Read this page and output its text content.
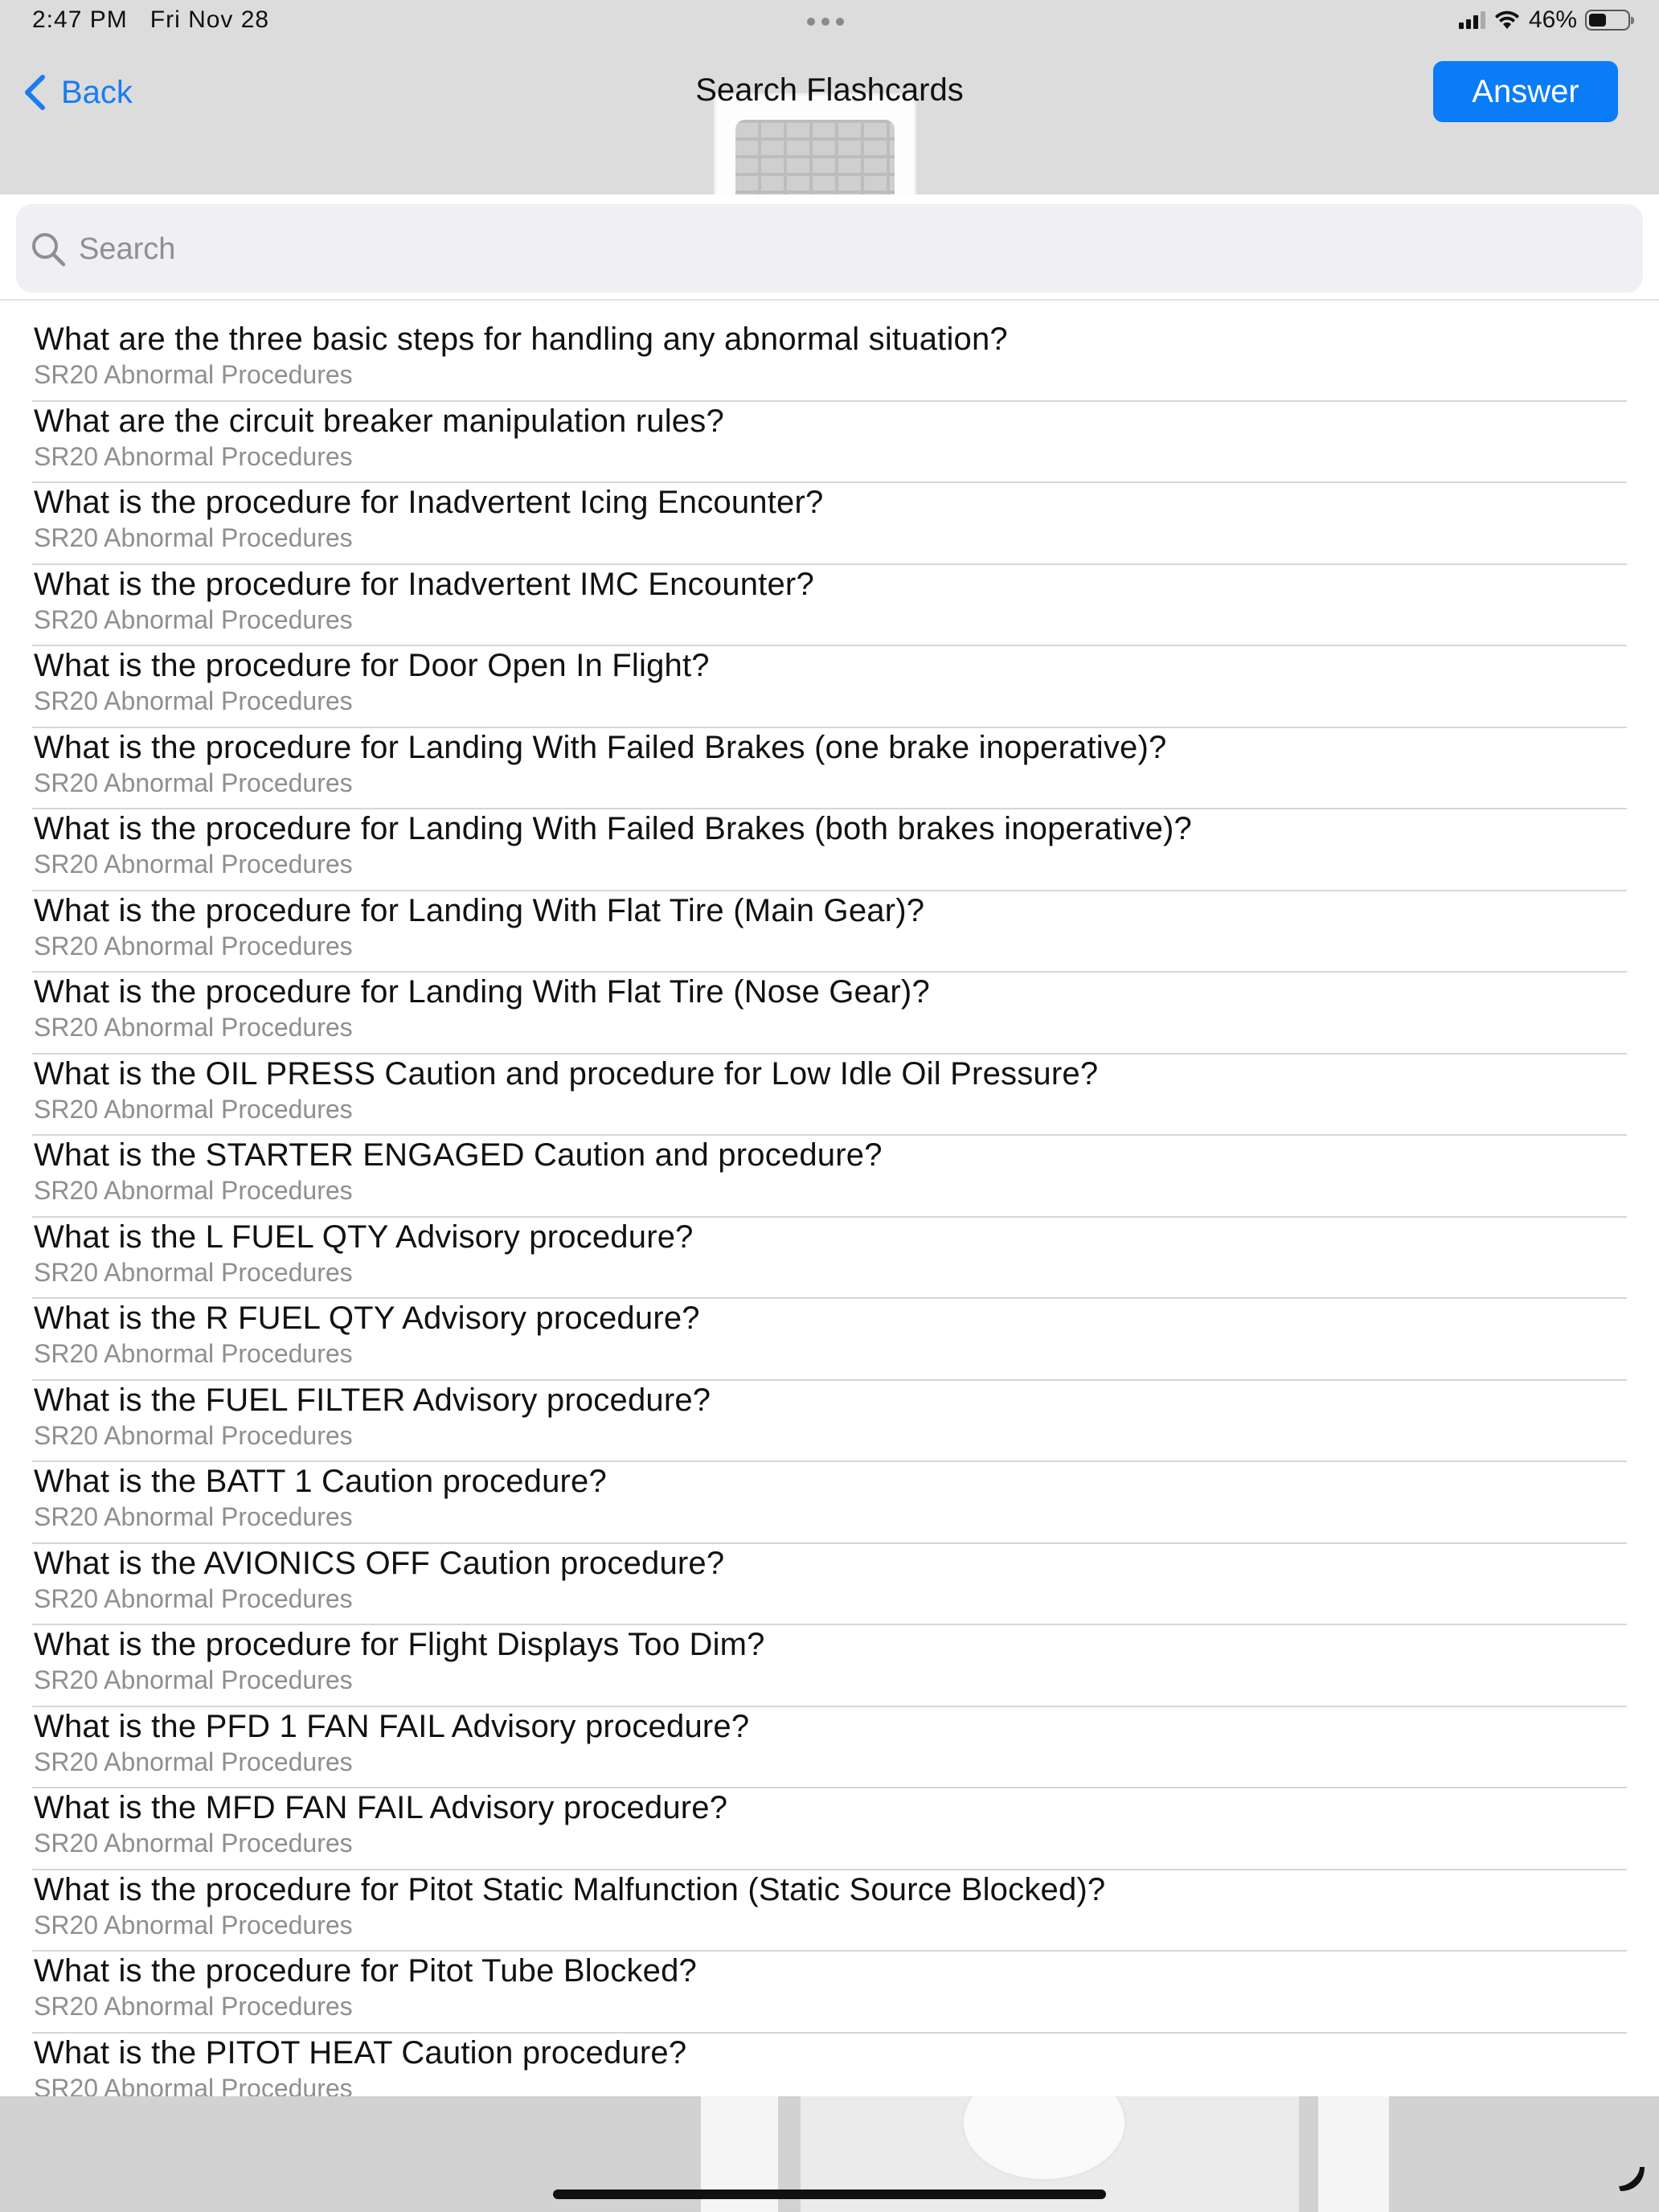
2:47 PM Fri Nov 28	46%
Back	Search Flashcards	Answer
Search
What are the three basic steps for handling any abnormal situation?
SR20 Abnormal Procedures
What are the circuit breaker manipulation rules?
SR20 Abnormal Procedures
What is the procedure for Inadvertent Icing Encounter?
SR20 Abnormal Procedures
What is the procedure for Inadvertent IMC Encounter?
SR20 Abnormal Procedures
What is the procedure for Door Open In Flight?
SR20 Abnormal Procedures
What is the procedure for Landing With Failed Brakes (one brake inoperative)?
SR20 Abnormal Procedures
What is the procedure for Landing With Failed Brakes (both brakes inoperative)?
SR20 Abnormal Procedures
What is the procedure for Landing With Flat Tire (Main Gear)?
SR20 Abnormal Procedures
What is the procedure for Landing With Flat Tire (Nose Gear)?
SR20 Abnormal Procedures
What is the OIL PRESS Caution and procedure for Low Idle Oil Pressure?
SR20 Abnormal Procedures
What is the STARTER ENGAGED Caution and procedure?
SR20 Abnormal Procedures
What is the L FUEL QTY Advisory procedure?
SR20 Abnormal Procedures
What is the R FUEL QTY Advisory procedure?
SR20 Abnormal Procedures
What is the FUEL FILTER Advisory procedure?
SR20 Abnormal Procedures
What is the BATT 1 Caution procedure?
SR20 Abnormal Procedures
What is the AVIONICS OFF Caution procedure?
SR20 Abnormal Procedures
What is the procedure for Flight Displays Too Dim?
SR20 Abnormal Procedures
What is the PFD 1 FAN FAIL Advisory procedure?
SR20 Abnormal Procedures
What is the MFD FAN FAIL Advisory procedure?
SR20 Abnormal Procedures
What is the procedure for Pitot Static Malfunction (Static Source Blocked)?
SR20 Abnormal Procedures
What is the procedure for Pitot Tube Blocked?
SR20 Abnormal Procedures
What is the PITOT HEAT Caution procedure?
SR20 Abnormal Procedures
